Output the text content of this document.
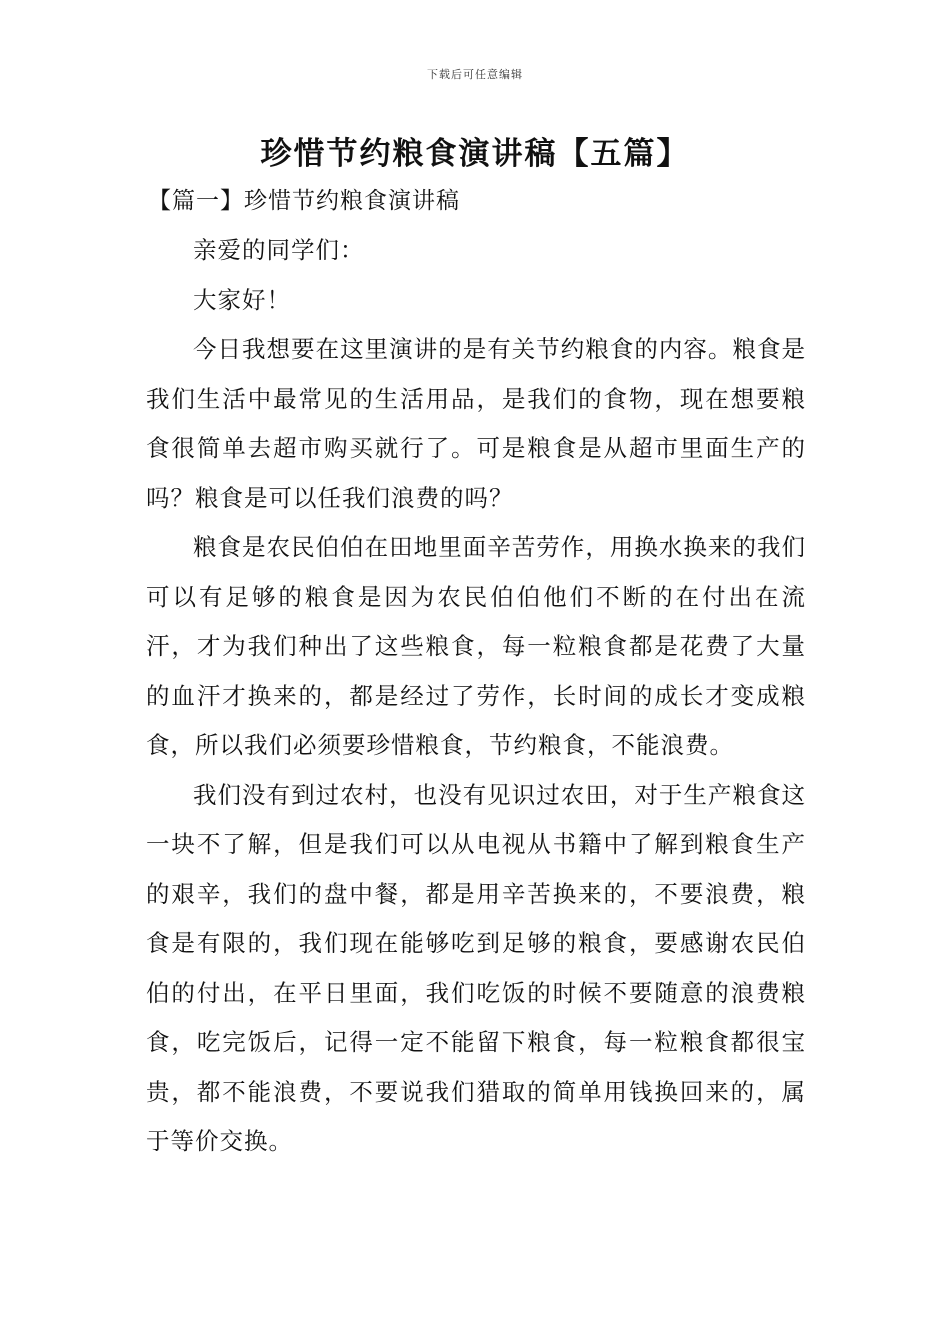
下载后可任意编辑
珍惜节约粮食演讲稿【五篇】
【篇一】珍惜节约粮食演讲稿

亲爱的同学们：

大家好！

今日我想要在这里演讲的是有关节约粮食的内容。粮食是我们生活中最常见的生活用品，是我们的食物，现在想要粮食很简单去超市购买就行了。可是粮食是从超市里面生产的吗？粮食是可以任我们浪费的吗？

粮食是农民伯伯在田地里面辛苦劳作，用换水换来的我们可以有足够的粮食是因为农民伯伯他们不断的在付出在流汗，才为我们种出了这些粮食，每一粒粮食都是花费了大量的血汗才换来的，都是经过了劳作，长时间的成长才变成粮食，所以我们必须要珍惜粮食，节约粮食，不能浪费。

我们没有到过农村，也没有见识过农田，对于生产粮食这一块不了解，但是我们可以从电视从书籍中了解到粮食生产的艰辛，我们的盘中餐，都是用辛苦换来的，不要浪费，粮食是有限的，我们现在能够吃到足够的粮食，要感谢农民伯伯的付出，在平日里面，我们吃饭的时候不要随意的浪费粮食，吃完饭后，记得一定不能留下粮食，每一粒粮食都很宝贵，都不能浪费，不要说我们猎取的简单用钱换回来的，属于等价交换。
